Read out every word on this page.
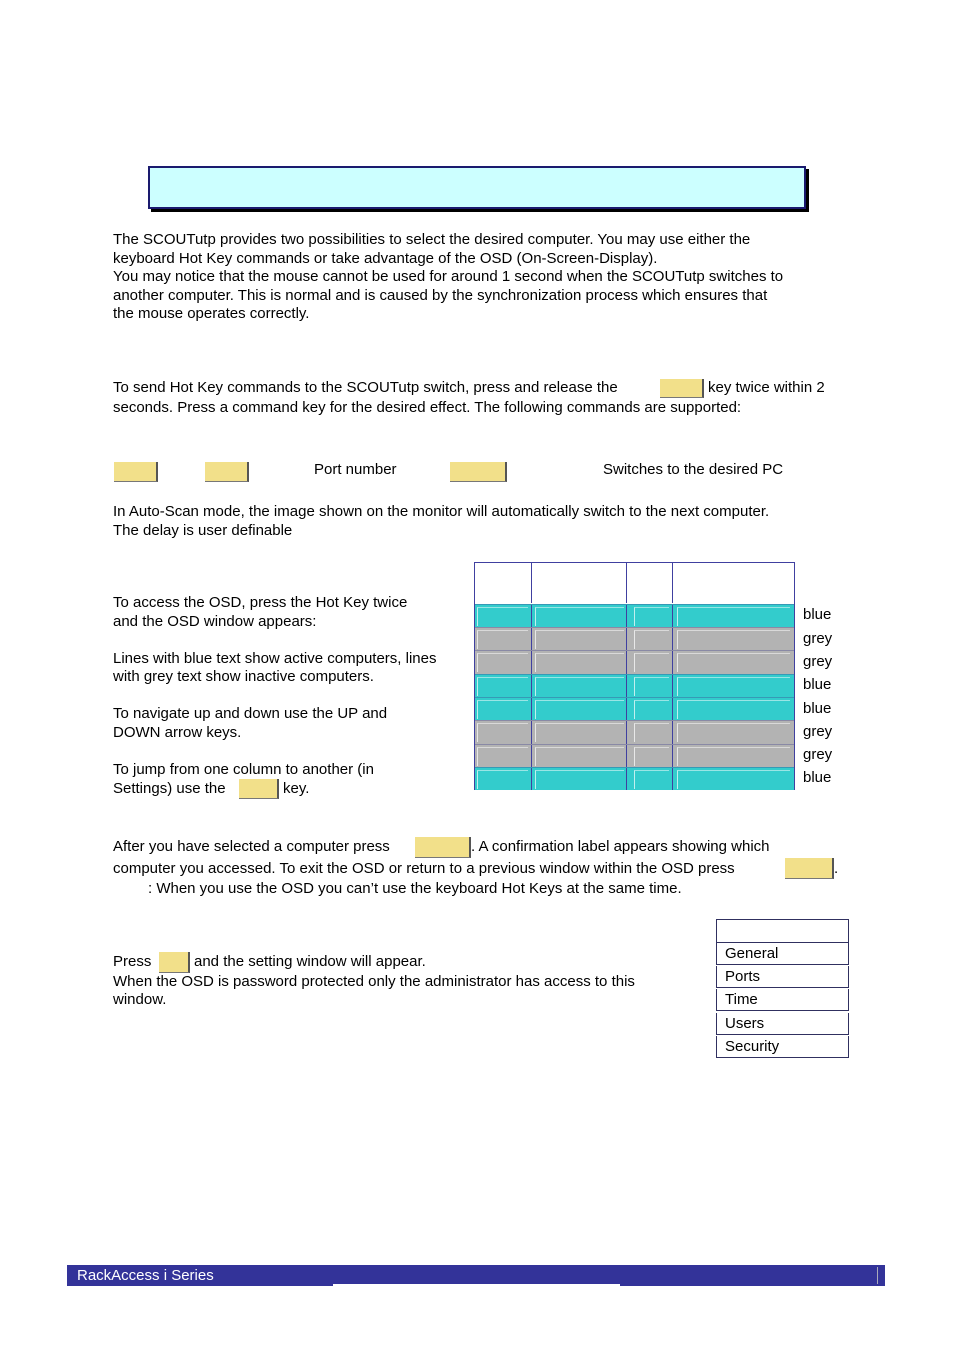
The SCOUTutp provides two possibilities to select the desired computer. You may use either the
keyboard Hot Key commands or take advantage of the OSD (On-Screen-Display).
You may notice that the mouse cannot be used for around 1 second when the SCOUTutp switches to
another computer. This is normal and is caused by the synchronization process which ensures that
the mouse operates correctly.
To send Hot Key commands to the SCOUTutp switch, press and release the	key twice within 2
seconds. Press a command key for the desired effect. The following commands are supported:
Port number	Switches to the desired PC
In Auto-Scan mode, the image shown on the monitor will automatically switch to the next computer.
The delay is user definable
To access the OSD, press the Hot Key twice
and the OSD window appears:
Lines with blue text show active computers, lines
with grey text show inactive computers.
To navigate up and down use the UP and
DOWN arrow keys.
To jump from one column to another (in
Settings) use the	key.
blue
grey
grey
blue
blue
grey
grey
blue
After you have selected a computer press	. A confirmation label appears showing which
computer you accessed. To exit the OSD or return to a previous window within the OSD press	.
: When you use the OSD you can’t use the keyboard Hot Keys at the same time.
Press	and the setting window will appear.
When the OSD is password protected only the administrator has access to this
window.
General
Ports
Time
Users
Security
RackAccess i Series
